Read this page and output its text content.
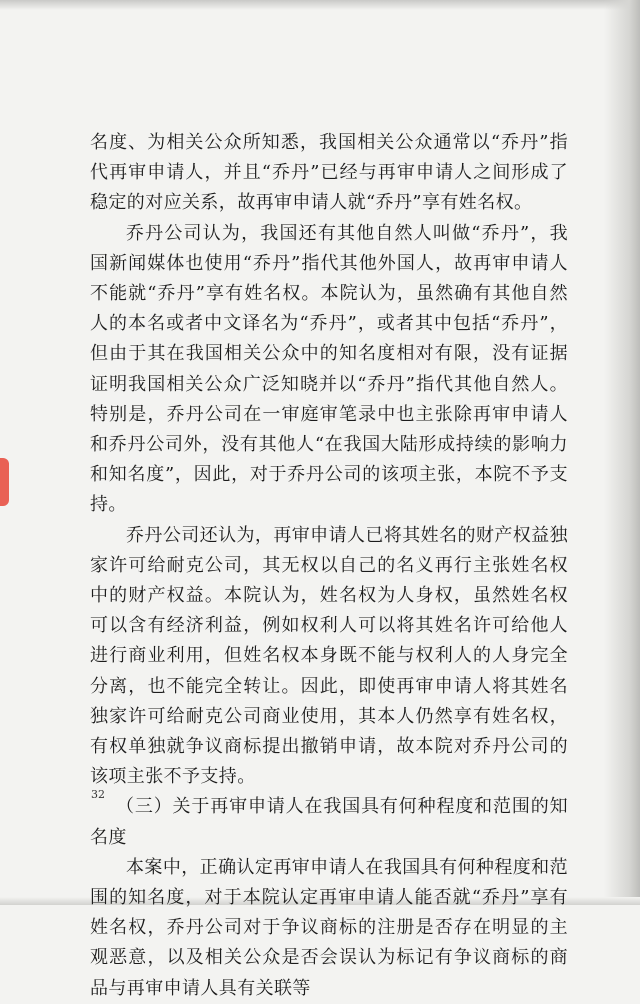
名度、为相关公众所知悉，我国相关公众通常以“乔丹”指代再审申请人，并且“乔丹”已经与再审申请人之间形成了稳定的对应关系，故再审申请人就“乔丹”享有姓名权。

乔丹公司认为，我国还有其他自然人叫做“乔丹”，我国新闻媒体也使用“乔丹”指代其他外国人，故再审申请人不能就“乔丹”享有姓名权。本院认为，虽然确有其他自然人的本名或者中文译名为“乔丹”，或者其中包括“乔丹”，但由于其在我国相关公众中的知名度相对有限，没有证据证明我国相关公众广泛知晓并以“乔丹”指代其他自然人。特别是，乔丹公司在一审庭审笔录中也主张除再审申请人和乔丹公司外，没有其他人“在我国大陆形成持续的影响力和知名度”，因此，对于乔丹公司的该项主张，本院不予支持。

乔丹公司还认为，再审申请人已将其姓名的财产权益独家许可给耐克公司，其无权以自己的名义再行主张姓名权中的财产权益。本院认为，姓名权为人身权，虽然姓名权可以含有经济利益，例如权利人可以将其姓名许可给他人进行商业利用，但姓名权本身既不能与权利人的人身完全分离，也不能完全转让。因此，即使再审申请人将其姓名独家许可给耐克公司商业使用，其本人仍然享有姓名权，有权单独就争议商标提出撤销申请，故本院对乔丹公司的该项主张不予支持。

（三）关于再审申请人在我国具有何种程度和范围的知名度

本案中，正确认定再审申请人在我国具有何种程度和范围的知名度，对于本院认定再审申请人能否就“乔丹”享有姓名权，乔丹公司对于争议商标的注册是否存在明显的主观恶意，以及相关公众是否会误认为标记有争议商标的商品与再审申请人具有关联等

32
